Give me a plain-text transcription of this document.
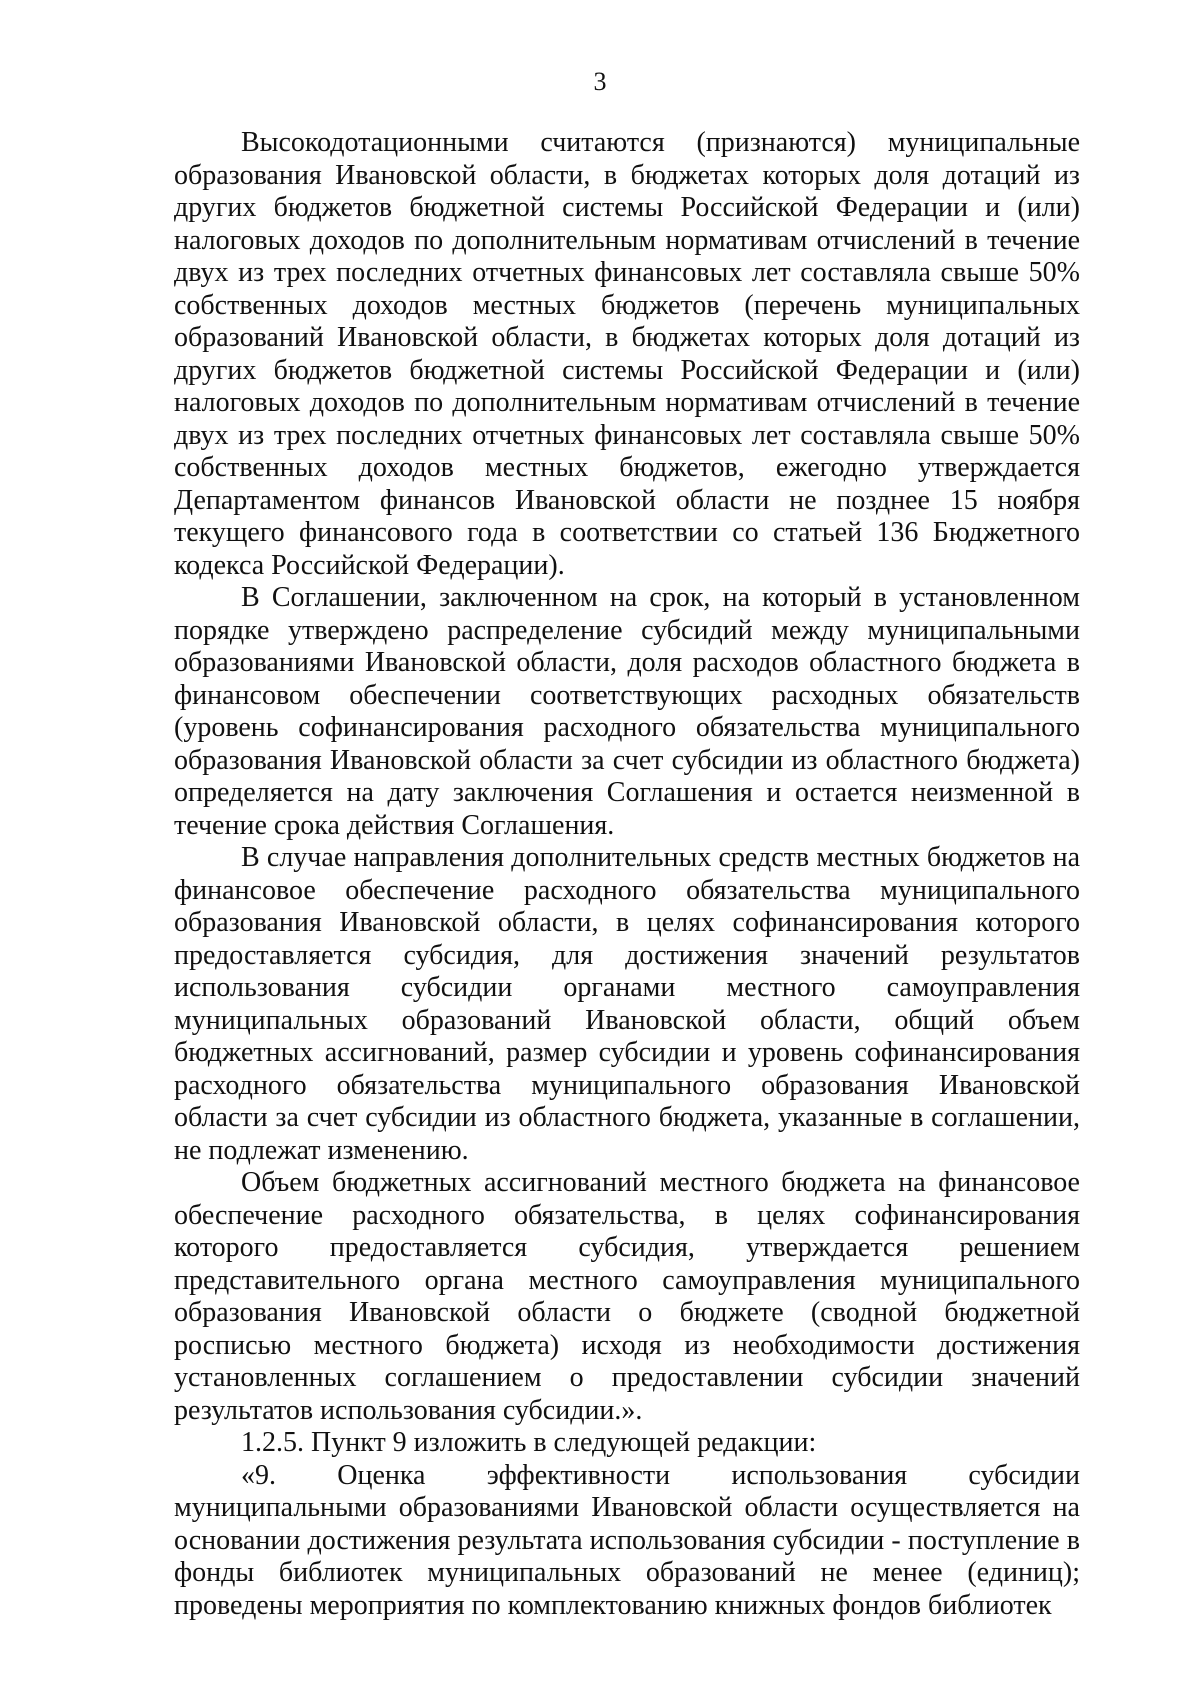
3

Высокодотационными считаются (признаются) муниципальные образования Ивановской области, в бюджетах которых доля дотаций из других бюджетов бюджетной системы Российской Федерации и (или) налоговых доходов по дополнительным нормативам отчислений в течение двух из трех последних отчетных финансовых лет составляла свыше 50% собственных доходов местных бюджетов (перечень муниципальных образований Ивановской области, в бюджетах которых доля дотаций из других бюджетов бюджетной системы Российской Федерации и (или) налоговых доходов по дополнительным нормативам отчислений в течение двух из трех последних отчетных финансовых лет составляла свыше 50% собственных доходов местных бюджетов, ежегодно утверждается Департаментом финансов Ивановской области не позднее 15 ноября текущего финансового года в соответствии со статьей 136 Бюджетного кодекса Российской Федерации).

В Соглашении, заключенном на срок, на который в установленном порядке утверждено распределение субсидий между муниципальными образованиями Ивановской области, доля расходов областного бюджета в финансовом обеспечении соответствующих расходных обязательств (уровень софинансирования расходного обязательства муниципального образования Ивановской области за счет субсидии из областного бюджета) определяется на дату заключения Соглашения и остается неизменной в течение срока действия Соглашения.

В случае направления дополнительных средств местных бюджетов на финансовое обеспечение расходного обязательства муниципального образования Ивановской области, в целях софинансирования которого предоставляется субсидия, для достижения значений результатов использования субсидии органами местного самоуправления муниципальных образований Ивановской области, общий объем бюджетных ассигнований, размер субсидии и уровень софинансирования расходного обязательства муниципального образования Ивановской области за счет субсидии из областного бюджета, указанные в соглашении, не подлежат изменению.

Объем бюджетных ассигнований местного бюджета на финансовое обеспечение расходного обязательства, в целях софинансирования которого предоставляется субсидия, утверждается решением представительного органа местного самоуправления муниципального образования Ивановской области о бюджете (сводной бюджетной росписью местного бюджета) исходя из необходимости достижения установленных соглашением о предоставлении субсидии значений результатов использования субсидии.».

1.2.5. Пункт 9 изложить в следующей редакции:

«9. Оценка эффективности использования субсидии муниципальными образованиями Ивановской области осуществляется на основании достижения результата использования субсидии - поступление в фонды библиотек муниципальных образований не менее (единиц); проведены мероприятия по комплектованию книжных фондов библиотек
